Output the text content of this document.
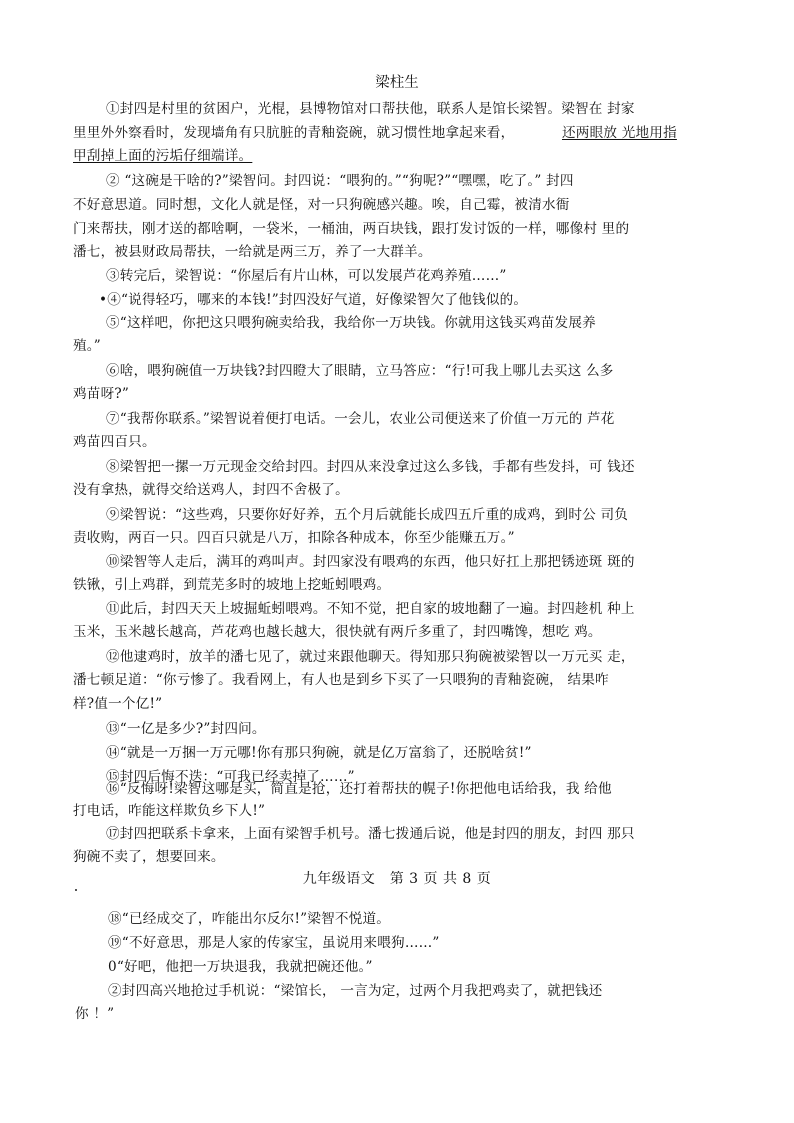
梁柱生
①封四是村里的贫困户，光棍，县博物馆对口帮扶他，联系人是馆长梁智。梁智在 封家
里里外外察看时，发现墙角有只肮脏的青釉瓷碗，就习惯性地拿起来看，	还两眼放 光地用指
甲刮掉上面的污垢仔细端详。
② “这碗是干啥的?”梁智问。封四说：“喂狗的。”“狗呢?”“嘿嘿，吃了。” 封四
不好意思道。同时想，文化人就是怪，对一只狗碗感兴趣。唉，自己霉，被清水衙
门来帮扶，刚才送的都啥啊，一袋米，一桶油，两百块钱，跟打发讨饭的一样，哪像村 里的
潘七，被县财政局帮扶，一给就是两三万，养了一大群羊。
③转完后，梁智说：“你屋后有片山林，可以发展芦花鸡养殖……”
•④“说得轻巧，哪来的本钱!”封四没好气道，好像梁智欠了他钱似的。
⑤“这样吧，你把这只喂狗碗卖给我，我给你一万块钱。你就用这钱买鸡苗发展养
殖。”
⑥啥，喂狗碗值一万块钱?封四瞪大了眼睛，立马答应：“行!可我上哪儿去买这 么多
鸡苗呀?”
⑦“我帮你联系。”梁智说着便打电话。一会儿，农业公司便送来了价值一万元的 芦花
鸡苗四百只。
⑧梁智把一摞一万元现金交给封四。封四从来没拿过这么多钱，手都有些发抖，可 钱还
没有拿热，就得交给送鸡人，封四不舍极了。
⑨梁智说：“这些鸡，只要你好好养，五个月后就能长成四五斤重的成鸡，到时公 司负
责收购，两百一只。四百只就是八万，扣除各种成本，你至少能赚五万。”
⑩梁智等人走后，满耳的鸡叫声。封四家没有喂鸡的东西，他只好扛上那把锈迹斑 斑的
铁锹，引上鸡群，到荒芜多时的坡地上挖蚯蚓喂鸡。
⑪此后，封四天天上坡掘蚯蚓喂鸡。不知不觉，把自家的坡地翻了一遍。封四趁机 种上
玉米，玉米越长越高，芦花鸡也越长越大，很快就有两斤多重了，封四嘴馋，想吃 鸡。
⑫他逮鸡时，放羊的潘七见了，就过来跟他聊天。得知那只狗碗被梁智以一万元买 走，
潘七顿足道：“你亏惨了。我看网上，有人也是到乡下买了一只喂狗的青釉瓷碗， 结果咋
样?值一个亿!”
⑬“一亿是多少?”封四问。
⑭“就是一万捆一万元哪!你有那只狗碗，就是亿万富翁了，还脱啥贫!”
⑮封四后悔不迭：“可我已经卖掉了……”
⑯“反悔呀!梁智这哪是买，简直是抢，还打着帮扶的幌子!你把他电话给我，我 给他
打电话，咋能这样欺负乡下人!”
⑰封四把联系卡拿来，上面有梁智手机号。潘七拨通后说，他是封四的朋友，封四 那只
九年级语文　第 3 页 共 8 页
⑱“已经成交了，咋能出尔反尔!”梁智不悦道。
⑲“不好意思，那是人家的传家宝，虽说用来喂狗……”
0“好吧，他把一万块退我，我就把碗还他。”
②封四高兴地抢过手机说：“梁馆长， 一言为定，过两个月我把鸡卖了，就把钱还
你 ！”
狗碗不卖了，想要回来。
